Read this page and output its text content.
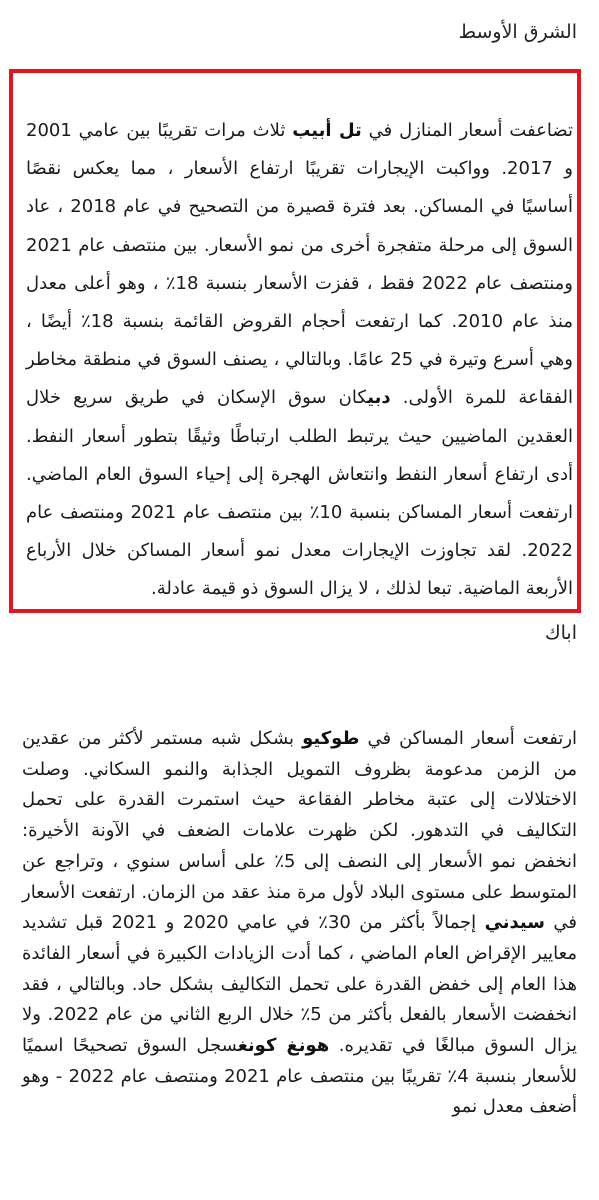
الشرق الأوسط

تضاعفت أسعار المنازل في تل أبيب ثلاث مرات تقريبًا بين عامي 2001 و 2017. وواكبت الإيجارات تقريبًا ارتفاع الأسعار ، مما يعكس نقصًا أساسيًا في المساكن. بعد فترة قصيرة من التصحيح في عام 2018 ، عاد السوق إلى مرحلة متفجرة أخرى من نمو الأسعار. بين منتصف عام 2021 ومنتصف عام 2022 فقط ، قفزت الأسعار بنسبة 18٪ ، وهو أعلى معدل منذ عام 2010. كما ارتفعت أحجام القروض القائمة بنسبة 18٪ أيضًا ، وهي أسرع وتيرة في 25 عامًا. وبالتالي ، يصنف السوق في منطقة مخاطر الفقاعة للمرة الأولى. دبيكان سوق الإسكان في طريق سريع خلال العقدين الماضيين حيث يرتبط الطلب ارتباطًا وثيقًا بتطور أسعار النفط. أدى ارتفاع أسعار النفط وانتعاش الهجرة إلى إحياء السوق العام الماضي. ارتفعت أسعار المساكن بنسبة 10٪ بين منتصف عام 2021 ومنتصف عام 2022. لقد تجاوزت الإيجارات معدل نمو أسعار المساكن خلال الأرباع الأربعة الماضية. تبعا لذلك ، لا يزال السوق ذو قيمة عادلة.

اباك

ارتفعت أسعار المساكن في طوكيو بشكل شبه مستمر لأكثر من عقدين من الزمن مدعومة بظروف التمويل الجذابة والنمو السكاني. وصلت الاختلالات إلى عتبة مخاطر الفقاعة حيث استمرت القدرة على تحمل التكاليف في التدهور. لكن ظهرت علامات الضعف في الآونة الأخيرة: انخفض نمو الأسعار إلى النصف إلى 5٪ على أساس سنوي ، وتراجع عن المتوسط على مستوى البلاد لأول مرة منذ عقد من الزمان. ارتفعت الأسعار في سيدني إجمالاً بأكثر من 30٪ في عامي 2020 و 2021 قبل تشديد معايير الإقراض العام الماضي ، كما أدت الزيادات الكبيرة في أسعار الفائدة هذا العام إلى خفض القدرة على تحمل التكاليف بشكل حاد. وبالتالي ، فقد انخفضت الأسعار بالفعل بأكثر من 5٪ خلال الربع الثاني من عام 2022. ولا يزال السوق مبالغًا في تقديره. هونغ كونغسجل السوق تصحيحًا اسميًا للأسعار بنسبة 4٪ تقريبًا بين منتصف عام 2021 ومنتصف عام 2022 - وهو أضعف معدل نمو
